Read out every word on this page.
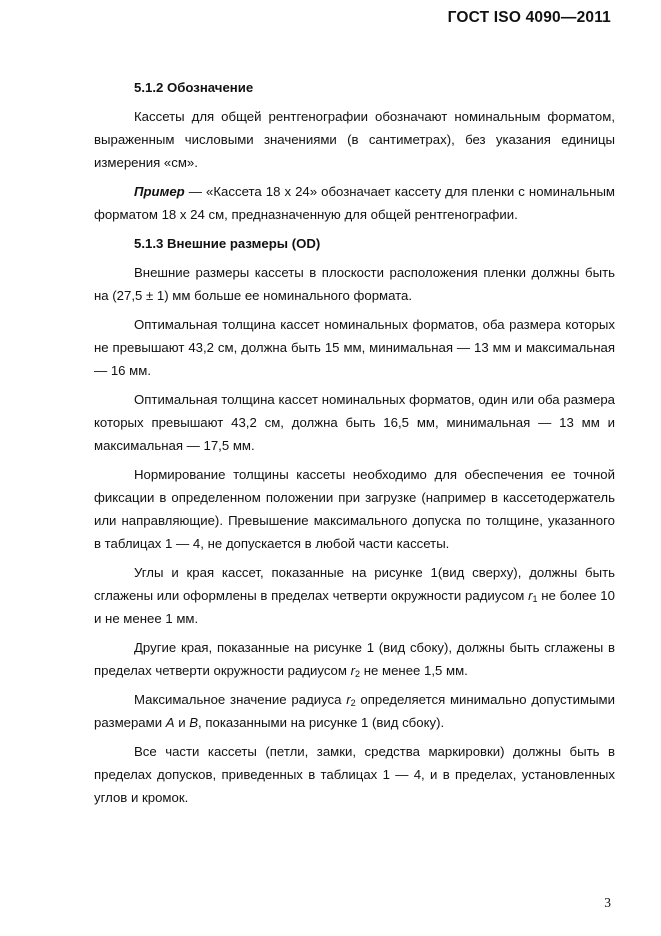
ГОСТ ISO 4090—2011

5.1.2 Обозначение

Кассеты для общей рентгенографии обозначают номинальным форматом, выраженным числовыми значениями (в сантиметрах), без указания единицы измерения «см».

Пример — «Кассета 18 x 24» обозначает кассету для пленки с номинальным форматом 18 x 24 см, предназначенную для общей рентгенографии.

5.1.3 Внешние размеры (OD)

Внешние размеры кассеты в плоскости расположения пленки должны быть на (27,5 ± 1) мм больше ее номинального формата.

Оптимальная толщина кассет номинальных форматов, оба размера которых не превышают 43,2 см, должна быть 15 мм, минимальная — 13 мм и максимальная — 16 мм.

Оптимальная толщина кассет номинальных форматов, один или оба размера которых превышают 43,2 см, должна быть 16,5 мм, минимальная — 13 мм и максимальная — 17,5 мм.

Нормирование толщины кассеты необходимо для обеспечения ее точной фиксации в определенном положении при загрузке (например в кассетодержатель или направляющие). Превышение максимального допуска по толщине, указанного в таблицах 1 — 4, не допускается в любой части кассеты.

Углы и края кассет, показанные на рисунке 1(вид сверху), должны быть сглажены или оформлены в пределах четверти окружности радиусом $r_1$ не более 10 и не менее 1 мм.

Другие края, показанные на рисунке 1 (вид сбоку), должны быть сглажены в пределах четверти окружности радиусом $r_2$ не менее 1,5 мм.

Максимальное значение радиуса $r_2$ определяется минимально допустимыми размерами A и B, показанными на рисунке 1 (вид сбоку).

Все части кассеты (петли, замки, средства маркировки) должны быть в пределах допусков, приведенных в таблицах 1 — 4, и в пределах, установленных углов и кромок.

3
